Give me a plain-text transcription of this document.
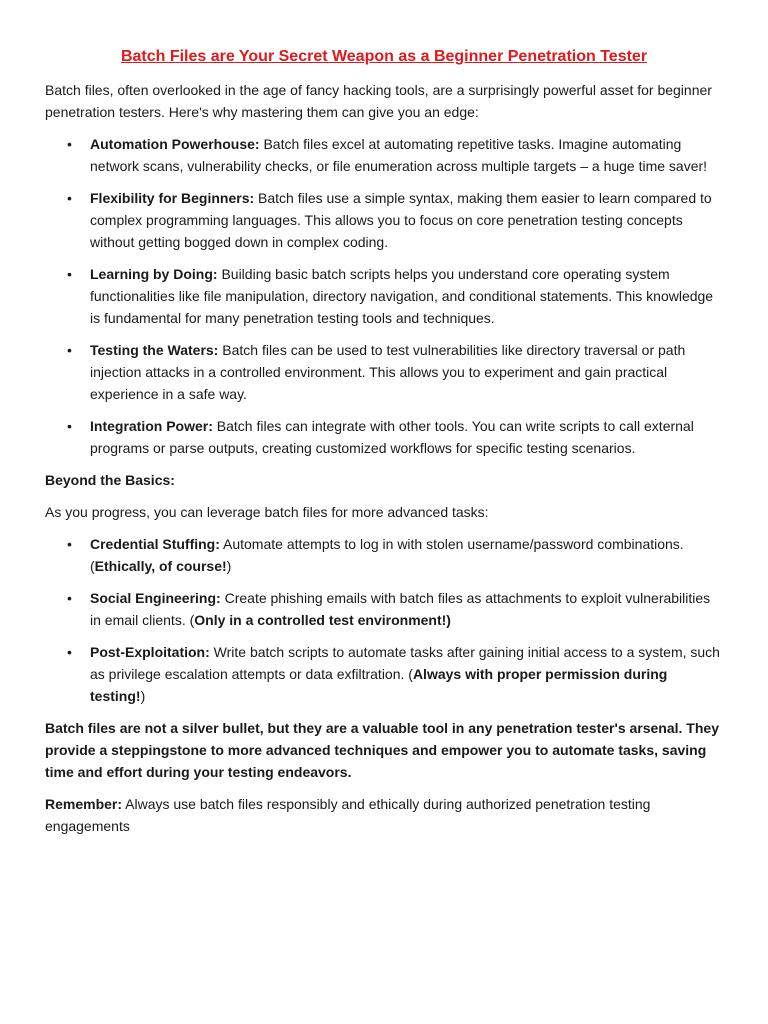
Batch Files are Your Secret Weapon as a Beginner Penetration Tester

Batch files, often overlooked in the age of fancy hacking tools, are a surprisingly powerful asset for beginner penetration testers. Here's why mastering them can give you an edge:

• Automation Powerhouse: Batch files excel at automating repetitive tasks. Imagine automating network scans, vulnerability checks, or file enumeration across multiple targets – a huge time saver!
• Flexibility for Beginners: Batch files use a simple syntax, making them easier to learn compared to complex programming languages. This allows you to focus on core penetration testing concepts without getting bogged down in complex coding.
• Learning by Doing: Building basic batch scripts helps you understand core operating system functionalities like file manipulation, directory navigation, and conditional statements. This knowledge is fundamental for many penetration testing tools and techniques.
• Testing the Waters: Batch files can be used to test vulnerabilities like directory traversal or path injection attacks in a controlled environment. This allows you to experiment and gain practical experience in a safe way.
• Integration Power: Batch files can integrate with other tools. You can write scripts to call external programs or parse outputs, creating customized workflows for specific testing scenarios.

Beyond the Basics:

As you progress, you can leverage batch files for more advanced tasks:

• Credential Stuffing: Automate attempts to log in with stolen username/password combinations. (Ethically, of course!)
• Social Engineering: Create phishing emails with batch files as attachments to exploit vulnerabilities in email clients. (Only in a controlled test environment!)
• Post-Exploitation: Write batch scripts to automate tasks after gaining initial access to a system, such as privilege escalation attempts or data exfiltration. (Always with proper permission during testing!)

Batch files are not a silver bullet, but they are a valuable tool in any penetration tester's arsenal. They provide a steppingstone to more advanced techniques and empower you to automate tasks, saving time and effort during your testing endeavors.

Remember: Always use batch files responsibly and ethically during authorized penetration testing engagements
